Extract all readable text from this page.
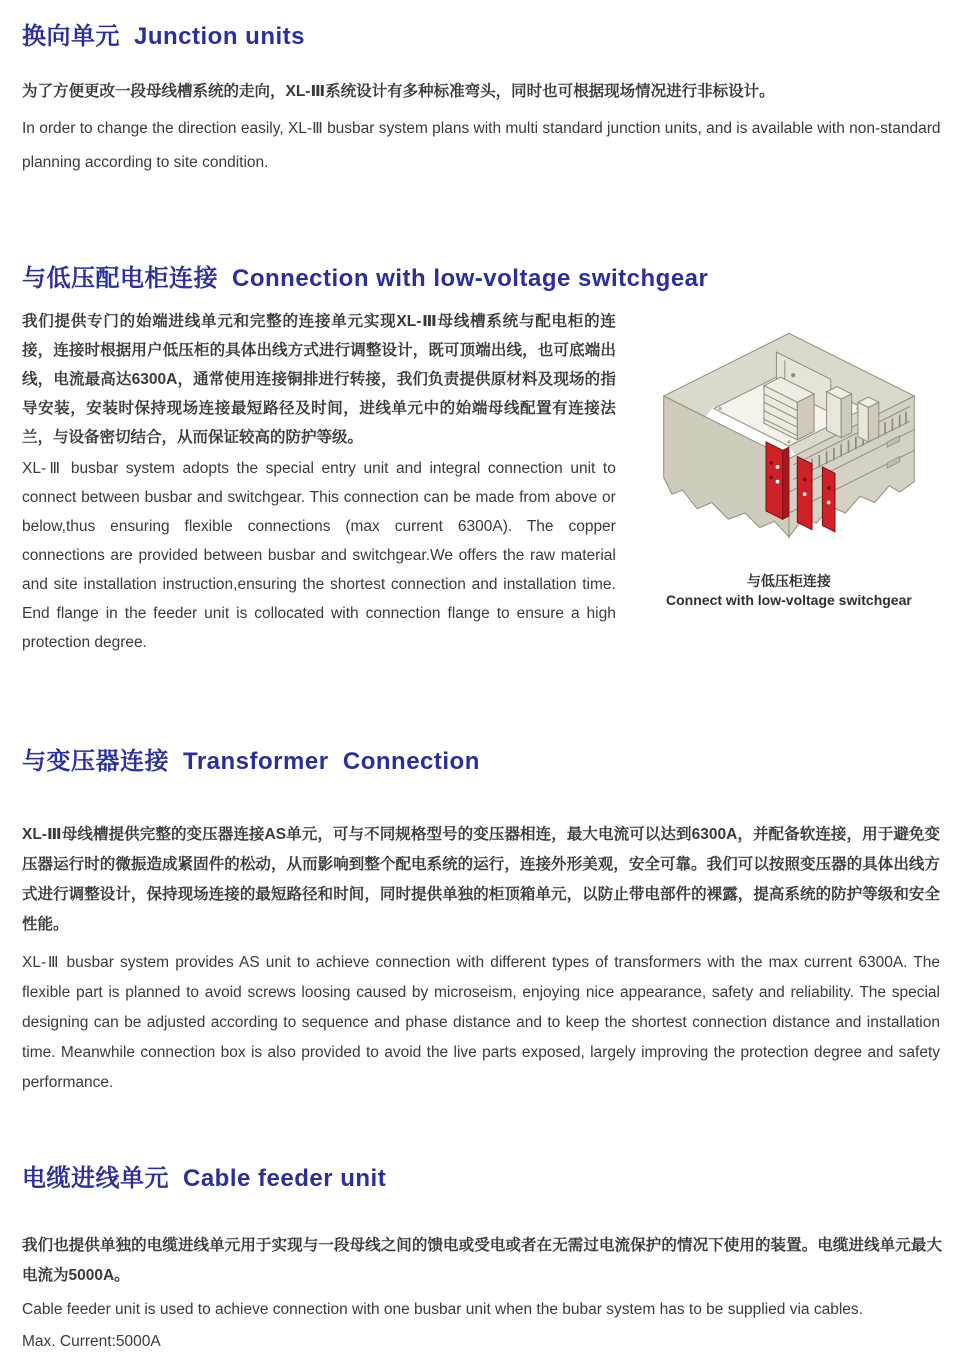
换向单元 Junction units

为了方便更改一段母线槽系统的走向，XL-Ⅲ系统设计有多种标准弯头，同时也可根据现场情况进行非标设计。

In order to change the direction easily, XL-Ⅲ busbar system plans with multi standard junction units, and is available with non-standard planning according to site condition.

与低压配电柜连接 Connection with low-voltage switchgear

我们提供专门的始端进线单元和完整的连接单元实现XL-Ⅲ母线槽系统与配电柜的连接，连接时根据用户低压柜的具体出线方式进行调整设计，既可顶端出线，也可底端出线，电流最高达6300A，通常使用连接铜排进行转接，我们负责提供原材料及现场的指导安装，安装时保持现场连接最短路径及时间，进线单元中的始端母线配置有连接法兰，与设备密切结合，从而保证较高的防护等级。

XL-Ⅲ busbar system adopts the special entry unit and integral connection unit to connect between busbar and switchgear. This connection can be made from above or below,thus ensuring flexible connections (max current 6300A). The copper connections are provided between busbar and switchgear.We offers the raw material and site installation instruction,ensuring the shortest connection and installation time. End flange in the feeder unit is collocated with connection flange to ensure a high protection degree.

与低压柜连接
Connect with low-voltage switchgear
与变压器连接 Transformer  Connection

XL-Ⅲ母线槽提供完整的变压器连接AS单元，可与不同规格型号的变压器相连，最大电流可以达到6300A，并配备软连接，用于避免变压器运行时的微振造成紧固件的松动，从而影响到整个配电系统的运行，连接外形美观，安全可靠。我们可以按照变压器的具体出线方式进行调整设计，保持现场连接的最短路径和时间，同时提供单独的柜顶箱单元，以防止带电部件的裸露，提高系统的防护等级和安全性能。

XL-Ⅲ busbar system provides AS unit to achieve connection with different types of transformers with the max current 6300A. The flexible part is planned to avoid screws loosing caused by microseism, enjoying nice appearance, safety and reliability. The special designing can be adjusted according to sequence and phase distance and to keep the shortest connection distance and installation time. Meanwhile connection box is also provided to avoid the live parts exposed, largely improving the protection degree and safety performance.

电缆进线单元 Cable feeder unit

我们也提供单独的电缆进线单元用于实现与一段母线之间的馈电或受电或者在无需过电流保护的情况下使用的装置。电缆进线单元最大电流为5000A。

Cable feeder unit is used to achieve connection with one busbar unit when the bubar system has to be supplied via cables.

Max. Current:5000A
